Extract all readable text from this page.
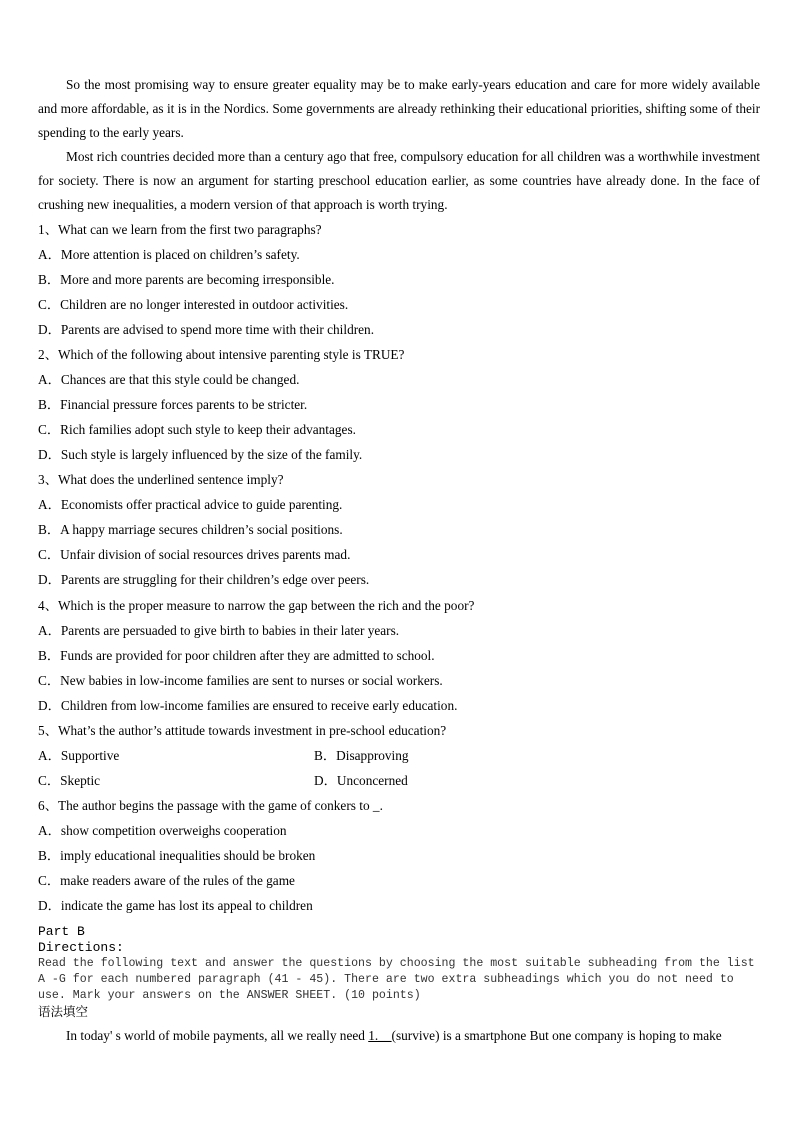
So the most promising way to ensure greater equality may be to make early-years education and care for more widely available and more affordable, as it is in the Nordics. Some governments are already rethinking their educational priorities, shifting some of their spending to the early years.

Most rich countries decided more than a century ago that free, compulsory education for all children was a worthwhile investment for society. There is now an argument for starting preschool education earlier, as some countries have already done. In the face of crushing new inequalities, a modern version of that approach is worth trying.

1、What can we learn from the first two paragraphs?
A．More attention is placed on children’s safety.
B．More and more parents are becoming irresponsible.
C．Children are no longer interested in outdoor activities.
D．Parents are advised to spend more time with their children.
2、Which of the following about intensive parenting style is TRUE?
A．Chances are that this style could be changed.
B．Financial pressure forces parents to be stricter.
C．Rich families adopt such style to keep their advantages.
D．Such style is largely influenced by the size of the family.
3、What does the underlined sentence imply?
A．Economists offer practical advice to guide parenting.
B．A happy marriage secures children’s social positions.
C．Unfair division of social resources drives parents mad.
D．Parents are struggling for their children’s edge over peers.
4、Which is the proper measure to narrow the gap between the rich and the poor?
A．Parents are persuaded to give birth to babies in their later years.
B．Funds are provided for poor children after they are admitted to school.
C．New babies in low-income families are sent to nurses or social workers.
D．Children from low-income families are ensured to receive early education.
5、What’s the author’s attitude towards investment in pre-school education?
A．Supportive	B．Disapproving
C．Skeptic	D．Unconcerned
6、The author begins the passage with the game of conkers to _.
A．show competition overweighs cooperation
B．imply educational inequalities should be broken
C．make readers aware of the rules of the game
D．indicate the game has lost its appeal to children
Part B
Directions:

Read the following text and answer the questions by choosing the most suitable subheading from the list A -G for each numbered paragraph (41 - 45). There are two extra subheadings which you do not need to use. Mark your answers on the ANSWER SHEET. (10 points)

语法填空
In today' s world of mobile payments, all we really need 1.__(survive) is a smartphone But one company is hoping to make
